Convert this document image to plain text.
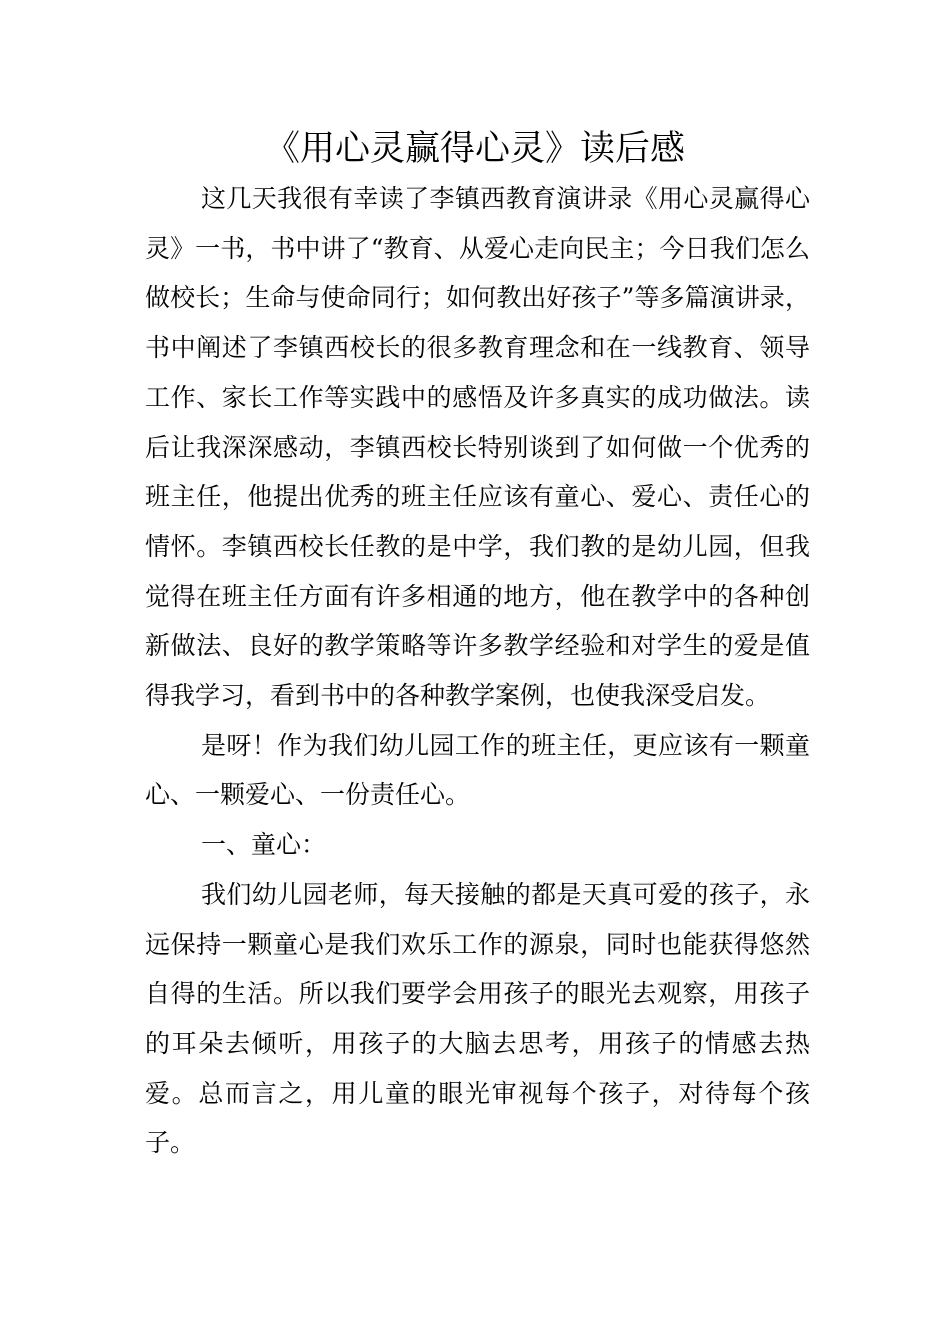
《用心灵赢得心灵》读后感

这几天我很有幸读了李镇西教育演讲录《用心灵赢得心灵》一书，书中讲了“教育、从爱心走向民主；今日我们怎么做校长；生命与使命同行；如何教出好孩子”等多篇演讲录，书中阐述了李镇西校长的很多教育理念和在一线教育、领导工作、家长工作等实践中的感悟及许多真实的成功做法。读后让我深深感动，李镇西校长特别谈到了如何做一个优秀的班主任，他提出优秀的班主任应该有童心、爱心、责任心的情怀。李镇西校长任教的是中学，我们教的是幼儿园，但我觉得在班主任方面有许多相通的地方，他在教学中的各种创新做法、良好的教学策略等许多教学经验和对学生的爱是值得我学习，看到书中的各种教学案例，也使我深受启发。

是呀！作为我们幼儿园工作的班主任，更应该有一颗童心、一颗爱心、一份责任心。

一、童心：

我们幼儿园老师，每天接触的都是天真可爱的孩子，永远保持一颗童心是我们欢乐工作的源泉，同时也能获得悠然自得的生活。所以我们要学会用孩子的眼光去观察，用孩子的耳朵去倾听，用孩子的大脑去思考，用孩子的情感去热爱。总而言之，用儿童的眼光审视每个孩子，对待每个孩子。
